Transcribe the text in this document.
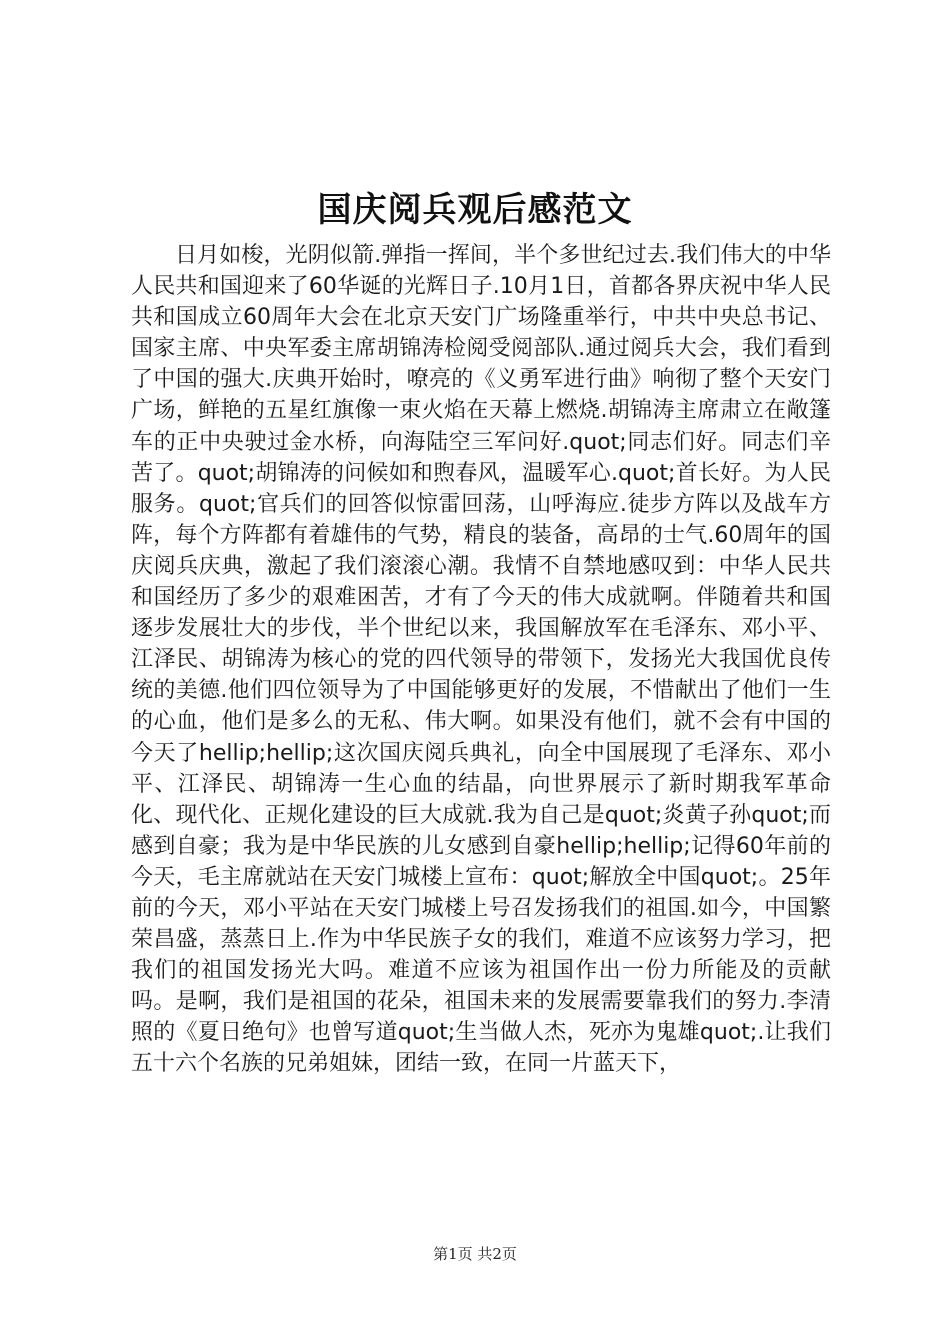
国庆阅兵观后感范文
日月如梭，光阴似箭.弹指一挥间，半个多世纪过去.我们伟大的中华人民共和国迎来了60华诞的光辉日子.10月1日，首都各界庆祝中华人民共和国成立60周年大会在北京天安门广场隆重举行，中共中央总书记、国家主席、中央军委主席胡锦涛检阅受阅部队.通过阅兵大会，我们看到了中国的强大.庆典开始时，嘹亮的《义勇军进行曲》响彻了整个天安门广场，鲜艳的五星红旗像一束火焰在天幕上燃烧.胡锦涛主席肃立在敞篷车的正中央驶过金水桥，向海陆空三军问好.quot;同志们好。同志们辛苦了。quot;胡锦涛的问候如和煦春风，温暖军心.quot;首长好。为人民服务。quot;官兵们的回答似惊雷回荡，山呼海应.徒步方阵以及战车方阵，每个方阵都有着雄伟的气势，精良的装备，高昂的士气.60周年的国庆阅兵庆典，激起了我们滚滚心潮。我情不自禁地感叹到：中华人民共和国经历了多少的艰难困苦，才有了今天的伟大成就啊。伴随着共和国逐步发展壮大的步伐，半个世纪以来，我国解放军在毛泽东、邓小平、江泽民、胡锦涛为核心的党的四代领导的带领下，发扬光大我国优良传统的美德.他们四位领导为了中国能够更好的发展，不惜献出了他们一生的心血，他们是多么的无私、伟大啊。如果没有他们，就不会有中国的今天了hellip;hellip;这次国庆阅兵典礼，向全中国展现了毛泽东、邓小平、江泽民、胡锦涛一生心血的结晶，向世界展示了新时期我军革命化、现代化、正规化建设的巨大成就.我为自己是quot;炎黄子孙quot;而感到自豪；我为是中华民族的儿女感到自豪hellip;hellip;记得60年前的今天，毛主席就站在天安门城楼上宣布：quot;解放全中国quot;。25年前的今天，邓小平站在天安门城楼上号召发扬我们的祖国.如今，中国繁荣昌盛，蒸蒸日上.作为中华民族子女的我们，难道不应该努力学习，把我们的祖国发扬光大吗。难道不应该为祖国作出一份力所能及的贡献吗。是啊，我们是祖国的花朵，祖国未来的发展需要靠我们的努力.李清照的《夏日绝句》也曾写道quot;生当做人杰，死亦为鬼雄quot;.让我们五十六个名族的兄弟姐妹，团结一致，在同一片蓝天下，
第1页 共2页
